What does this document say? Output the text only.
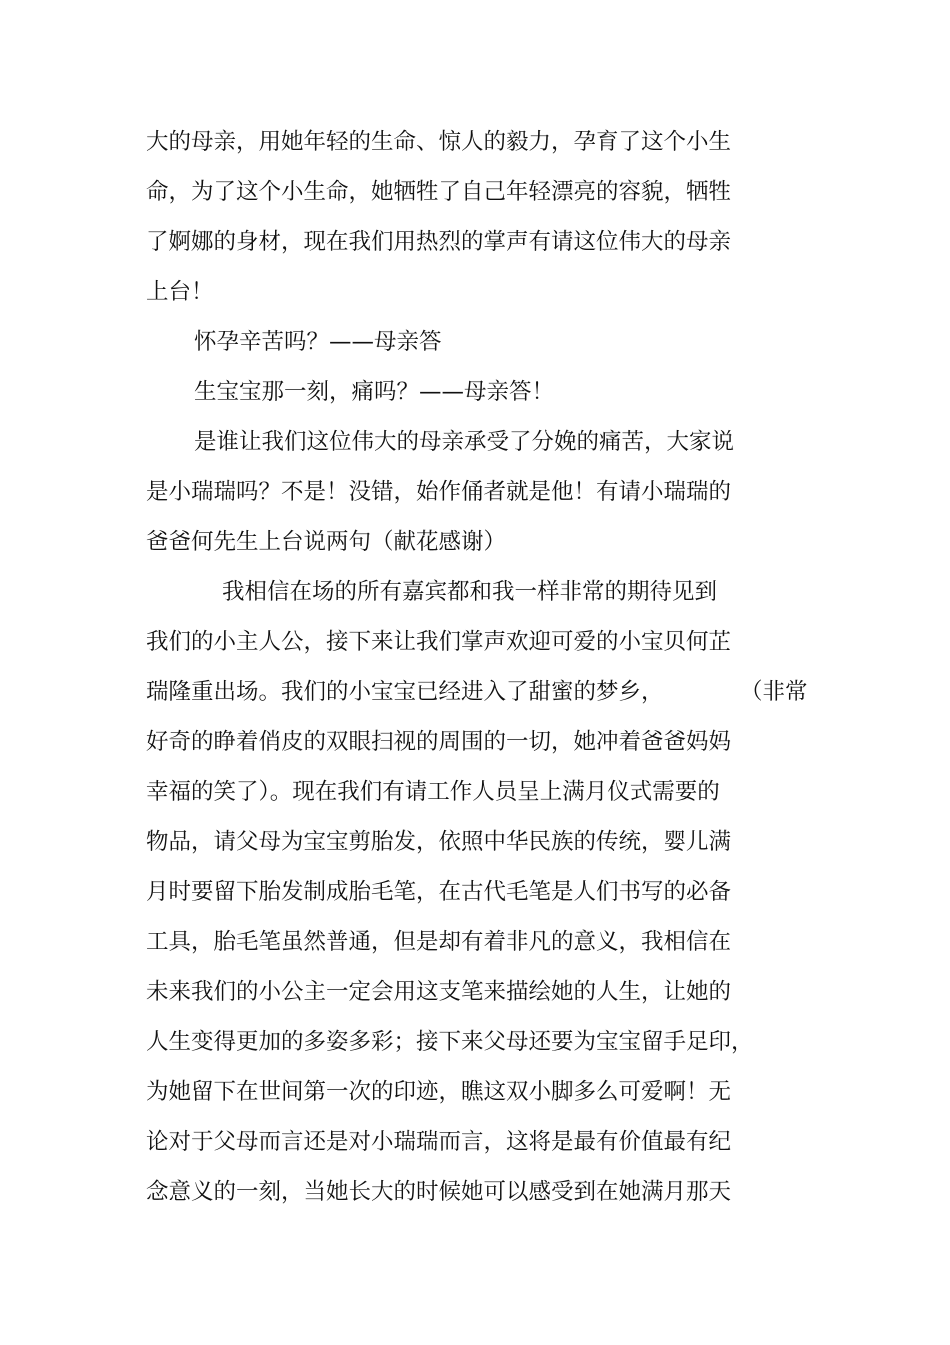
大的母亲，用她年轻的生命、惊人的毅力，孕育了这个小生
命，为了这个小生命，她牺牲了自己年轻漂亮的容貌，牺牲
了婀娜的身材，现在我们用热烈的掌声有请这位伟大的母亲
上台！
怀孕辛苦吗？——母亲答
生宝宝那一刻，痛吗？——母亲答！
是谁让我们这位伟大的母亲承受了分娩的痛苦，大家说
是小瑞瑞吗？不是！没错，始作俑者就是他！有请小瑞瑞的
爸爸何先生上台说两句（献花感谢）
我相信在场的所有嘉宾都和我一样非常的期待见到
我们的小主人公，接下来让我们掌声欢迎可爱的小宝贝何芷
瑞隆重出场。我们的小宝宝已经进入了甜蜜的梦乡，	（非常
好奇的睁着俏皮的双眼扫视的周围的一切，她冲着爸爸妈妈
幸福的笑了）。现在我们有请工作人员呈上满月仪式需要的
物品，请父母为宝宝剪胎发，依照中华民族的传统，婴儿满
月时要留下胎发制成胎毛笔，在古代毛笔是人们书写的必备
工具，胎毛笔虽然普通，但是却有着非凡的意义，我相信在
未来我们的小公主一定会用这支笔来描绘她的人生，让她的
人生变得更加的多姿多彩；接下来父母还要为宝宝留手足印，
为她留下在世间第一次的印迹，瞧这双小脚多么可爱啊！无
论对于父母而言还是对小瑞瑞而言，这将是最有价值最有纪
念意义的一刻，当她长大的时候她可以感受到在她满月那天
